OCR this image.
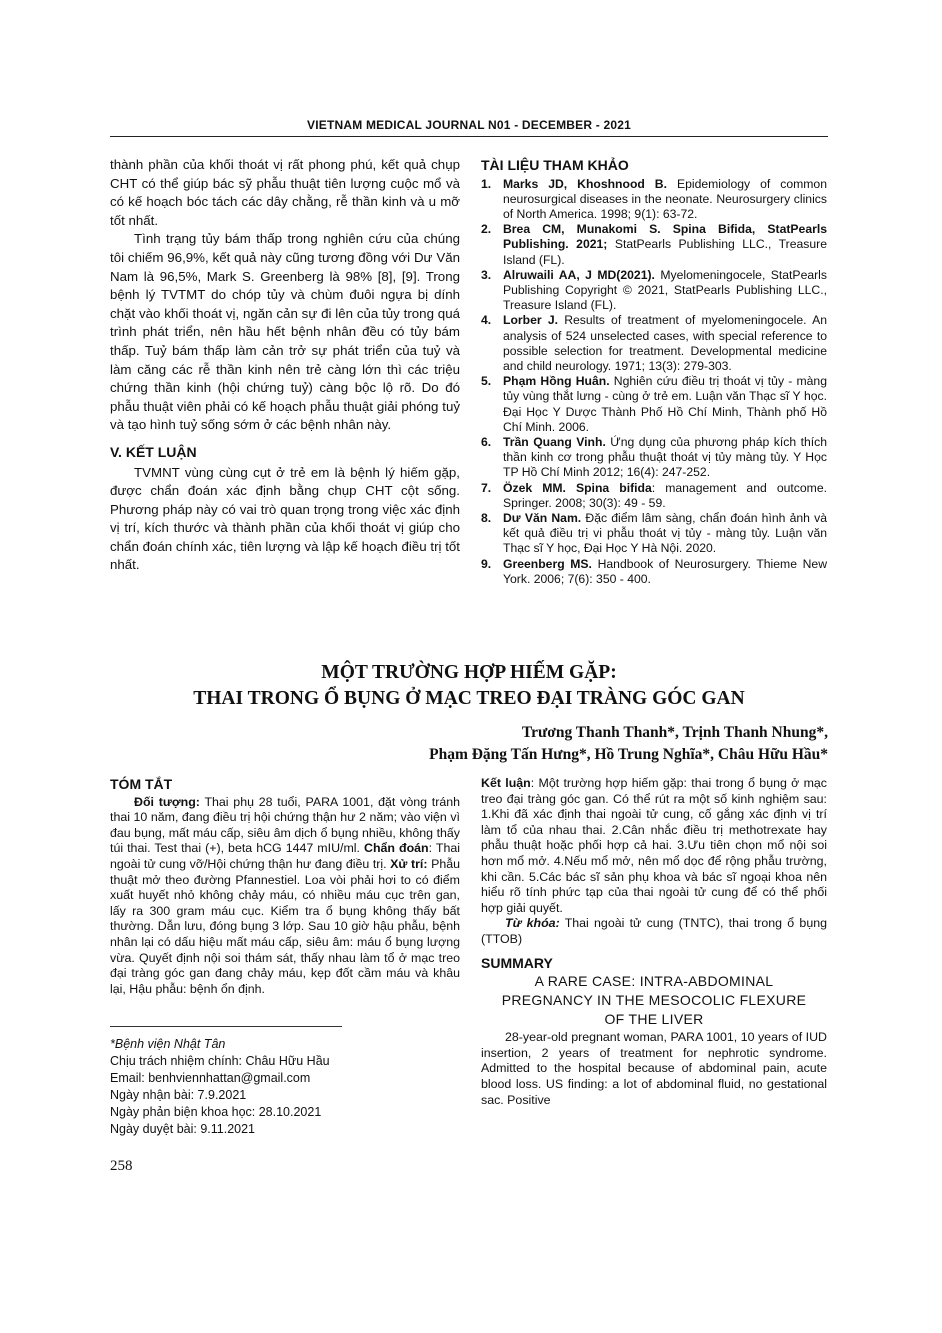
VIETNAM MEDICAL JOURNAL N01 - DECEMBER - 2021

thành phần của khối thoát vị rất phong phú, kết quả chụp CHT có thể giúp bác sỹ phẫu thuật tiên lượng cuộc mổ và có kế hoạch bóc tách các dây chằng, rễ thần kinh và u mỡ tốt nhất.

Tình trạng tủy bám thấp trong nghiên cứu của chúng tôi chiếm 96,9%, kết quả này cũng tương đồng với Dư Văn Nam là 96,5%, Mark S. Greenberg là 98% [8], [9]. Trong bệnh lý TVTMT do chóp tủy và chùm đuôi ngựa bị dính chặt vào khối thoát vị, ngăn cản sự đi lên của tủy trong quá trình phát triển, nên hầu hết bệnh nhân đều có tủy bám thấp. Tuỷ bám thấp làm cản trở sự phát triển của tuỷ và làm căng các rễ thần kinh nên trẻ càng lớn thì các triệu chứng thần kinh (hội chứng tuỷ) càng bộc lộ rõ. Do đó phẫu thuật viên phải có kế hoạch phẫu thuật giải phóng tuỷ và tạo hình tuỷ sống sớm ở các bệnh nhân này.

V. KẾT LUẬN

TVMNT vùng cùng cụt ở trẻ em là bệnh lý hiếm gặp, được chẩn đoán xác định bằng chụp CHT cột sống. Phương pháp này có vai trò quan trọng trong việc xác định vị trí, kích thước và thành phần của khối thoát vị giúp cho chẩn đoán chính xác, tiên lượng và lập kế hoạch điều trị tốt nhất.

TÀI LIỆU THAM KHẢO

1. Marks JD, Khoshnood B. Epidemiology of common neurosurgical diseases in the neonate. Neurosurgery clinics of North America. 1998; 9(1): 63-72.
2. Brea CM, Munakomi S. Spina Bifida, StatPearls Publishing. 2021; StatPearls Publishing LLC., Treasure Island (FL).
3. Alruwaili AA, J MD(2021). Myelomeningocele, StatPearls Publishing Copyright © 2021, StatPearls Publishing LLC., Treasure Island (FL).
4. Lorber J. Results of treatment of myelomeningocele. An analysis of 524 unselected cases, with special reference to possible selection for treatment. Developmental medicine and child neurology. 1971; 13(3): 279-303.
5. Phạm Hồng Huân. Nghiên cứu điều trị thoát vị tủy - màng tủy vùng thắt lưng - cùng ở trẻ em. Luận văn Thạc sĩ Y học. Đại Học Y Dược Thành Phố Hồ Chí Minh, Thành phố Hồ Chí Minh. 2006.
6. Trần Quang Vinh. Ứng dụng của phương pháp kích thích thần kinh cơ trong phẫu thuật thoát vị tủy màng tủy. Y Học TP Hồ Chí Minh 2012; 16(4): 247-252.
7. Özek MM. Spina bifida: management and outcome. Springer. 2008; 30(3): 49 - 59.
8. Dư Văn Nam. Đặc điểm lâm sàng, chẩn đoán hình ảnh và kết quả điều trị vi phẫu thoát vị tủy - màng tủy. Luận văn Thạc sĩ Y học, Đại Học Y Hà Nội. 2020.
9. Greenberg MS. Handbook of Neurosurgery. Thieme New York. 2006; 7(6): 350 - 400.
MỘT TRƯỜNG HỢP HIẾM GẶP:
THAI TRONG Ổ BỤNG Ở MẠC TREO ĐẠI TRÀNG GÓC GAN
Trương Thanh Thanh*, Trịnh Thanh Nhung*,
Phạm Đặng Tấn Hưng*, Hồ Trung Nghĩa*, Châu Hữu Hầu*

TÓM TẮT

Đối tượng: Thai phụ 28 tuổi, PARA 1001, đặt vòng tránh thai 10 năm, đang điều trị hội chứng thận hư 2 năm; vào viện vì đau bụng, mất máu cấp, siêu âm dịch ổ bụng nhiều, không thấy túi thai. Test thai (+), beta hCG 1447 mIU/ml. Chẩn đoán: Thai ngoài tử cung vỡ/Hội chứng thận hư đang điều trị. Xử trí: Phẫu thuật mở theo đường Pfannestiel. Loa vòi phải hơi to có điểm xuất huyết nhỏ không chảy máu, có nhiều máu cục trên gan, lấy ra 300 gram máu cục. Kiểm tra ổ bụng không thấy bất thường. Dẫn lưu, đóng bụng 3 lớp. Sau 10 giờ hậu phẫu, bệnh nhân lại có dấu hiệu mất máu cấp, siêu âm: máu ổ bụng lượng vừa. Quyết định nội soi thám sát, thấy nhau làm tổ ở mạc treo đại tràng góc gan đang chảy máu, kẹp đốt cầm máu và khâu lại, Hậu phẫu: bệnh ổn định.

Kết luận: Một trường hợp hiếm gặp: thai trong ổ bụng ở mạc treo đại tràng góc gan. Có thể rút ra một số kinh nghiệm sau: 1.Khi đã xác định thai ngoài tử cung, cố gắng xác định vị trí làm tổ của nhau thai. 2.Cân nhắc điều trị methotrexate hay phẫu thuật hoặc phối hợp cả hai. 3.Ưu tiên chọn mổ nội soi hơn mổ mở. 4.Nếu mổ mở, nên mổ dọc để rộng phẫu trường, khi cần. 5.Các bác sĩ sản phụ khoa và bác sĩ ngoại khoa nên hiểu rõ tính phức tạp của thai ngoài tử cung để có thể phối hợp giải quyết.

Từ khóa: Thai ngoài tử cung (TNTC), thai trong ổ bụng (TTOB)

SUMMARY

A RARE CASE: INTRA-ABDOMINAL

PREGNANCY IN THE MESOCOLIC FLEXURE

OF THE LIVER

28-year-old pregnant woman, PARA 1001, 10 years of IUD insertion, 2 years of treatment for nephrotic syndrome. Admitted to the hospital because of abdominal pain, acute blood loss. US finding: a lot of abdominal fluid, no gestational sac. Positive

*Bệnh viện Nhật Tân

Chịu trách nhiệm chính: Châu Hữu Hầu

Email: benhviennhattan@gmail.com

Ngày nhận bài: 7.9.2021

Ngày phản biện khoa học: 28.10.2021

Ngày duyệt bài: 9.11.2021

258
